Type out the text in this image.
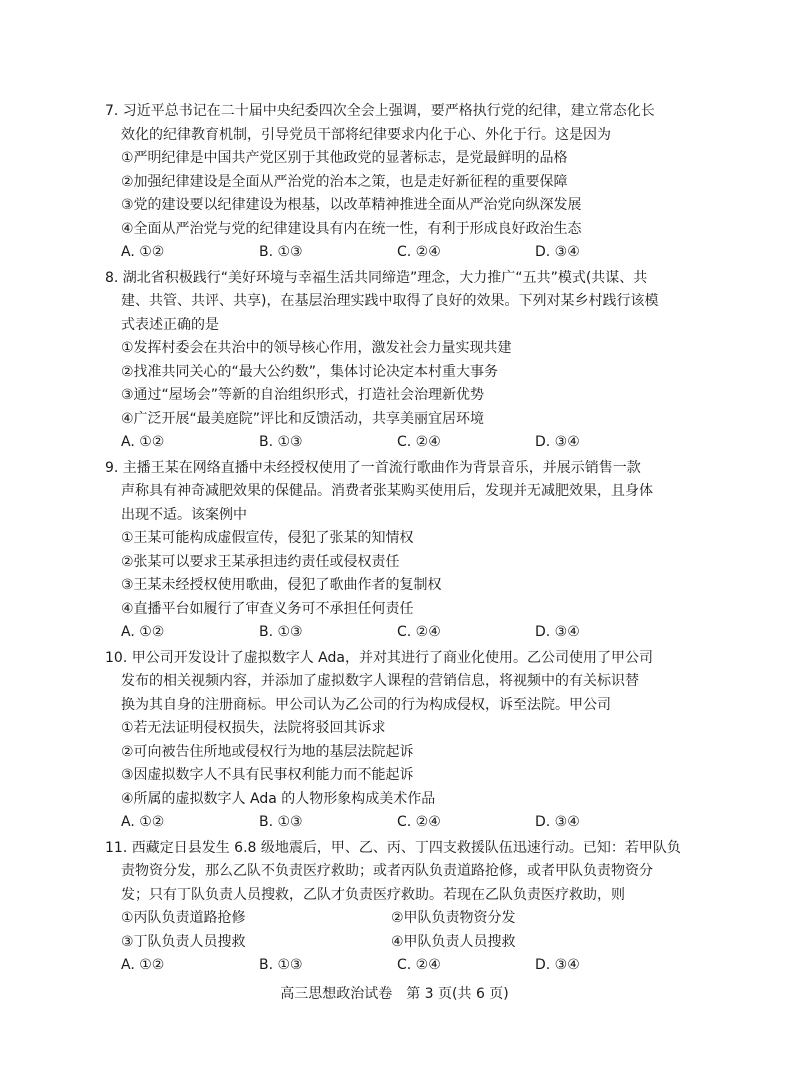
7. 习近平总书记在二十届中央纪委四次全会上强调，要严格执行党的纪律，建立常态化长
效化的纪律教育机制，引导党员干部将纪律要求内化于心、外化于行。这是因为
①严明纪律是中国共产党区别于其他政党的显著标志，是党最鲜明的品格
②加强纪律建设是全面从严治党的治本之策，也是走好新征程的重要保障
③党的建设要以纪律建设为根基，以改革精神推进全面从严治党向纵深发展
④全面从严治党与党的纪律建设具有内在统一性，有利于形成良好政治生态
A. ①②	B. ①③	C. ②④	D. ③④
8. 湖北省积极践行“美好环境与幸福生活共同缔造”理念，大力推广“五共”模式(共谋、共
建、共管、共评、共享)，在基层治理实践中取得了良好的效果。下列对某乡村践行该模
式表述正确的是
①发挥村委会在共治中的领导核心作用，激发社会力量实现共建
②找准共同关心的“最大公约数”，集体讨论决定本村重大事务
③通过“屋场会”等新的自治组织形式，打造社会治理新优势
④广泛开展“最美庭院”评比和反馈活动，共享美丽宜居环境
A. ①②	B. ①③	C. ②④	D. ③④
9. 主播王某在网络直播中未经授权使用了一首流行歌曲作为背景音乐，并展示销售一款
声称具有神奇减肥效果的保健品。消费者张某购买使用后，发现并无减肥效果，且身体
出现不适。该案例中
①王某可能构成虚假宣传，侵犯了张某的知情权
②张某可以要求王某承担违约责任或侵权责任
③王某未经授权使用歌曲，侵犯了歌曲作者的复制权
④直播平台如履行了审查义务可不承担任何责任
A. ①②	B. ①③	C. ②④	D. ③④
10. 甲公司开发设计了虚拟数字人 Ada，并对其进行了商业化使用。乙公司使用了甲公司
发布的相关视频内容，并添加了虚拟数字人课程的营销信息，将视频中的有关标识替
换为其自身的注册商标。甲公司认为乙公司的行为构成侵权，诉至法院。甲公司
①若无法证明侵权损失，法院将驳回其诉求
②可向被告住所地或侵权行为地的基层法院起诉
③因虚拟数字人不具有民事权利能力而不能起诉
④所属的虚拟数字人 Ada 的人物形象构成美术作品
A. ①②	B. ①③	C. ②④	D. ③④
11. 西藏定日县发生 6.8 级地震后，甲、乙、丙、丁四支救援队伍迅速行动。已知：若甲队负
责物资分发，那么乙队不负责医疗救助；或者丙队负责道路抢修，或者甲队负责物资分
发；只有丁队负责人员搜救，乙队才负责医疗救助。若现在乙队负责医疗救助，则
①丙队负责道路抢修	②甲队负责物资分发
③丁队负责人员搜救	④甲队负责人员搜救
A. ①②	B. ①③	C. ②④	D. ③④
高三思想政治试卷　第 3 页(共 6 页)
